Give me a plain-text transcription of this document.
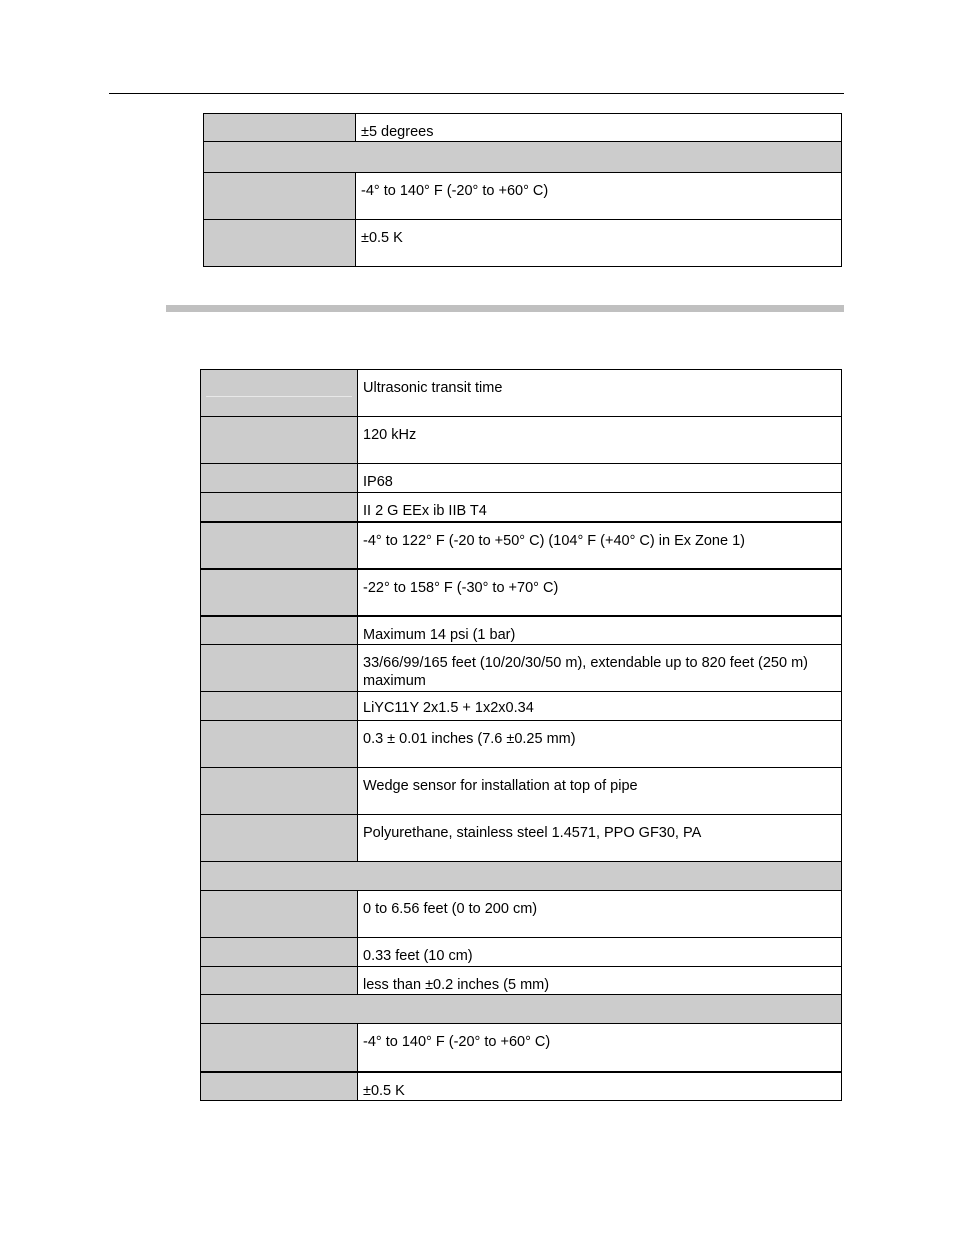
	±5 degrees

	-4° to 140° F (-20° to +60° C)
	±0.5 K
	Ultrasonic transit time
	120 kHz
	IP68
	II 2 G EEx ib IIB T4
	-4° to 122° F (-20 to +50° C) (104° F (+40° C) in Ex Zone 1)
	-22° to 158° F (-30° to +70° C)
	Maximum 14 psi (1 bar)
	33/66/99/165 feet (10/20/30/50 m), extendable up to 820 feet (250 m) maximum
	LiYC11Y 2x1.5 + 1x2x0.34
	0.3 ± 0.01 inches (7.6 ±0.25 mm)
	Wedge sensor for installation at top of pipe
	Polyurethane, stainless steel 1.4571, PPO GF30, PA

	0 to 6.56 feet (0 to 200 cm)
	0.33 feet (10 cm)
	less than ±0.2 inches (5 mm)

	-4° to 140° F (-20° to +60° C)
	±0.5 K
